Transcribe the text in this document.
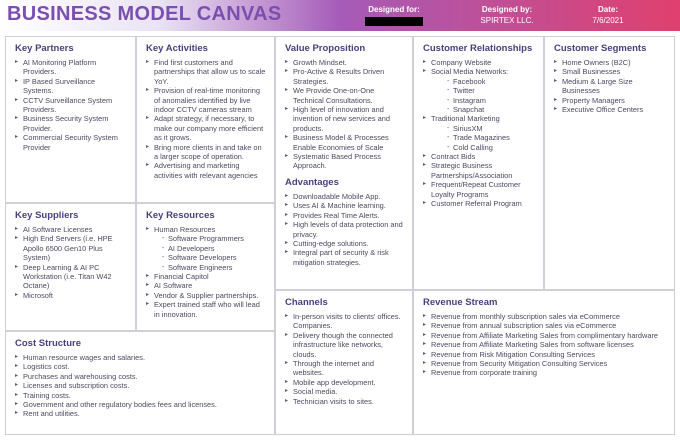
BUSINESS MODEL CANVAS	Designed for:	Designed by:
SPIRTEX LLC.
Date:
7/6/2021
Key Partners
▸ AI Monitoring Platform Providers.
▸ IP Based Surveillance Systems.
▸ CCTV Surveillance System Providers.
▸ Business Security System Provider.
▸ Commercial Security System Provider
Key Activities
▸ Find first customers and partnerships that allow us to scale YoY.
▸ Provision of real-time monitoring of anomalies identified by live indoor CCTV cameras stream
▸ Adapt strategy, if necessary, to make our company more efficient as it grows.
▸ Bring more clients in and take on a larger scope of operation.
▸ Advertising and marketing activities with relevant agencies
Value Proposition
▸ Growth Mindset.
▸ Pro-Active & Results Driven Strategies.
▸ We Provide One-on-One Technical Consultations.
▸ High level of innovation and invention of new services and products.
▸ Business Model & Processes Enable Economies of Scale
▸ Systematic Based Process Approach.
Advantages
▸ Downloadable Mobile App.
▸ Uses AI & Machine learning.
▸ Provides Real Time Alerts.
▸ High levels of data protection and privacy.
▸ Cutting-edge solutions.
▸ Integral part of security & risk mitigation strategies.
Customer Relationships
▸ Company Website
▸ Social Media Networks:
- Facebook
- Twitter
- Instagram
- Snapchat
▸ Traditional Marketing
- SiriusXM
- Trade Magazines
- Cold Calling
▸ Contract Bids
▸ Strategic Business Partnerships/Association
▸ Frequent/Repeat Customer Loyalty Programs
▸ Customer Referral Program
Customer Segments
▸ Home Owners (B2C)
▸ Small Businesses
▸ Medium & Large Size Businesses
▸ Property Managers
▸ Executive Office Centers
Key Suppliers
▸ AI Software Licenses
▸ High End Servers (i.e. HPE Apollo 6500 Gen10 Plus System)
▸ Deep Learning & AI PC Workstation (i.e. Titan W42 Octane)
▸ Microsoft
Key Resources
▸ Human Resources
- Software Programmers
- AI Developers
- Software Developers
- Software Engineers
▸ Financial Capitol
▸ AI Software
▸ Vendor & Supplier partnerships.
▸ Expert trained staff who will lead in innovation.
Channels
▸ In-person visits to clients' offices. Companies.
▸ Delivery though the connected infrastructure like networks, clouds.
▸ Through the internet and websites.
▸ Mobile app development.
▸ Social media.
▸ Technician visits to sites.
Cost Structure
▸ Human resource wages and salaries.
▸ Logistics cost.
▸ Purchases and warehousing costs.
▸ Licenses and subscription costs.
▸ Training costs.
▸ Government and other regulatory bodies fees and licenses.
▸ Rent and utilities.
Revenue Stream
▸ Revenue from monthly subscription sales via eCommerce
▸ Revenue from annual subscription sales via eCommerce
▸ Revenue from Affiliate Marketing Sales from complimentary hardware
▸ Revenue from Affiliate Marketing Sales from software licenses
▸ Revenue from Risk Mitigation Consulting Services
▸ Revenue from Security Mitigation Consulting Services
▸ Revenue from corporate training
